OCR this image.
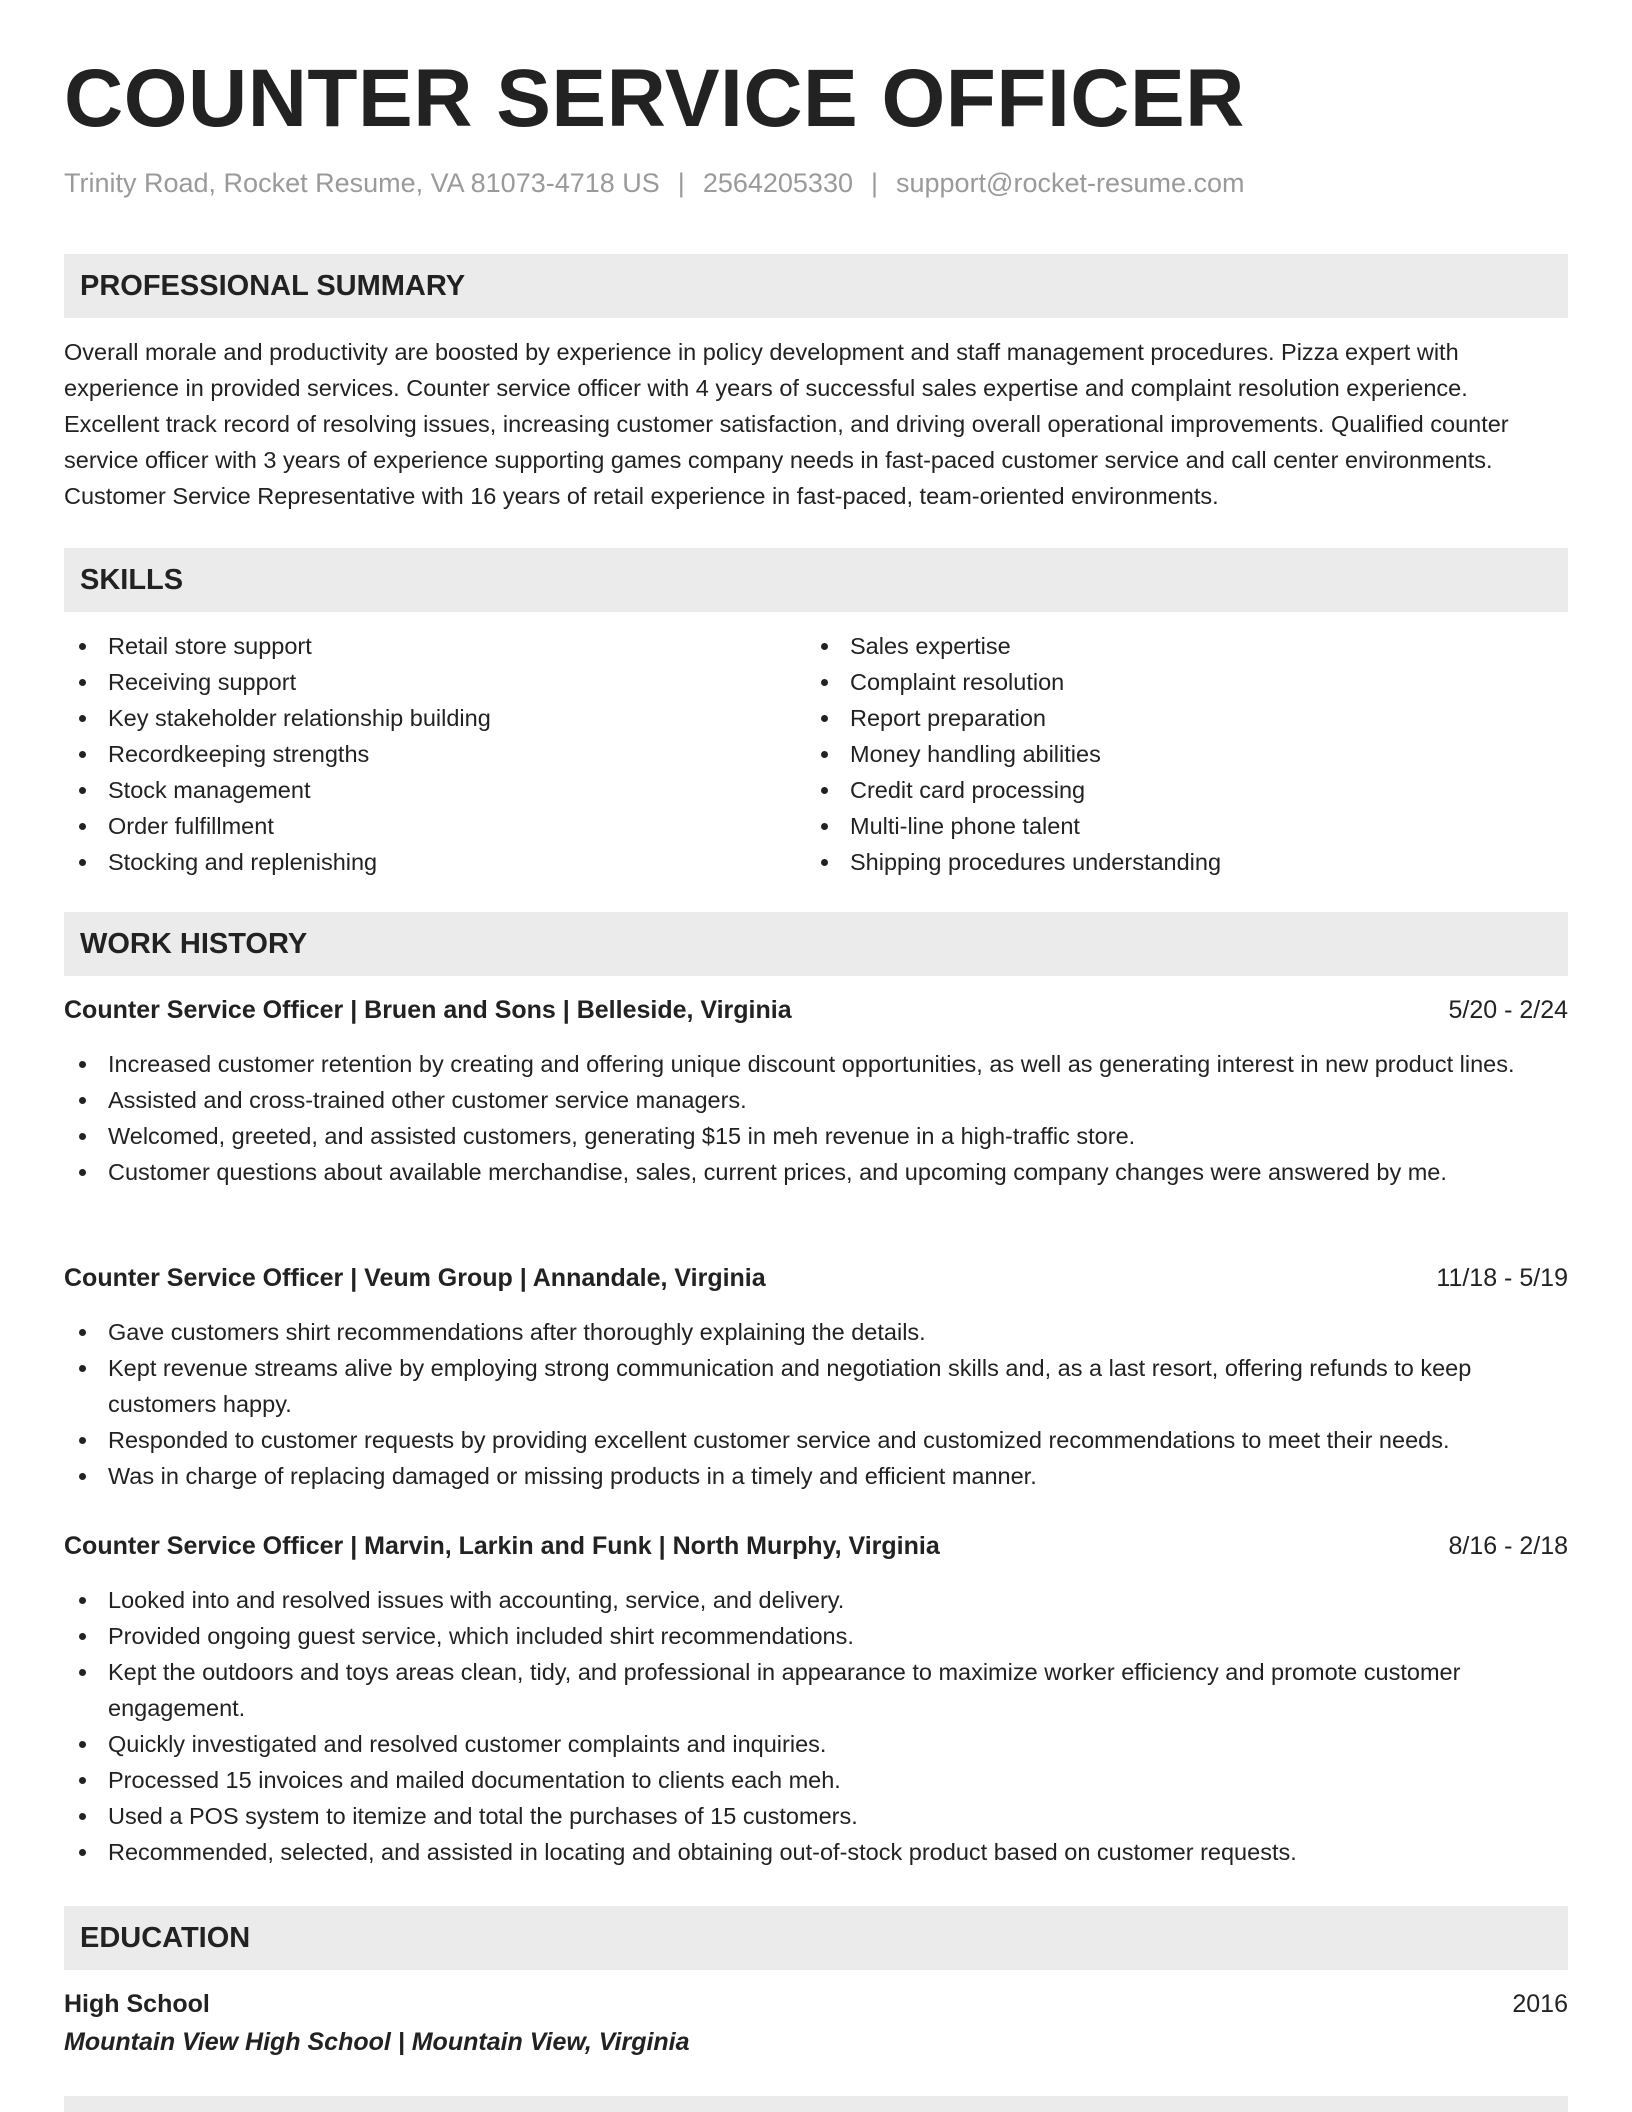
COUNTER SERVICE OFFICER
Trinity Road, Rocket Resume, VA 81073-4718 US | 2564205330 | support@rocket-resume.com
PROFESSIONAL SUMMARY
Overall morale and productivity are boosted by experience in policy development and staff management procedures. Pizza expert with experience in provided services. Counter service officer with 4 years of successful sales expertise and complaint resolution experience. Excellent track record of resolving issues, increasing customer satisfaction, and driving overall operational improvements. Qualified counter service officer with 3 years of experience supporting games company needs in fast-paced customer service and call center environments. Customer Service Representative with 16 years of retail experience in fast-paced, team-oriented environments.
SKILLS
Retail store support
Receiving support
Key stakeholder relationship building
Recordkeeping strengths
Stock management
Order fulfillment
Stocking and replenishing
Sales expertise
Complaint resolution
Report preparation
Money handling abilities
Credit card processing
Multi-line phone talent
Shipping procedures understanding
WORK HISTORY
Counter Service Officer | Bruen and Sons | Belleside, Virginia	5/20 - 2/24
Increased customer retention by creating and offering unique discount opportunities, as well as generating interest in new product lines.
Assisted and cross-trained other customer service managers.
Welcomed, greeted, and assisted customers, generating $15 in meh revenue in a high-traffic store.
Customer questions about available merchandise, sales, current prices, and upcoming company changes were answered by me.
Counter Service Officer | Veum Group | Annandale, Virginia	11/18 - 5/19
Gave customers shirt recommendations after thoroughly explaining the details.
Kept revenue streams alive by employing strong communication and negotiation skills and, as a last resort, offering refunds to keep customers happy.
Responded to customer requests by providing excellent customer service and customized recommendations to meet their needs.
Was in charge of replacing damaged or missing products in a timely and efficient manner.
Counter Service Officer | Marvin, Larkin and Funk | North Murphy, Virginia	8/16 - 2/18
Looked into and resolved issues with accounting, service, and delivery.
Provided ongoing guest service, which included shirt recommendations.
Kept the outdoors and toys areas clean, tidy, and professional in appearance to maximize worker efficiency and promote customer engagement.
Quickly investigated and resolved customer complaints and inquiries.
Processed 15 invoices and mailed documentation to clients each meh.
Used a POS system to itemize and total the purchases of 15 customers.
Recommended, selected, and assisted in locating and obtaining out-of-stock product based on customer requests.
EDUCATION
High School	2016
Mountain View High School | Mountain View, Virginia
